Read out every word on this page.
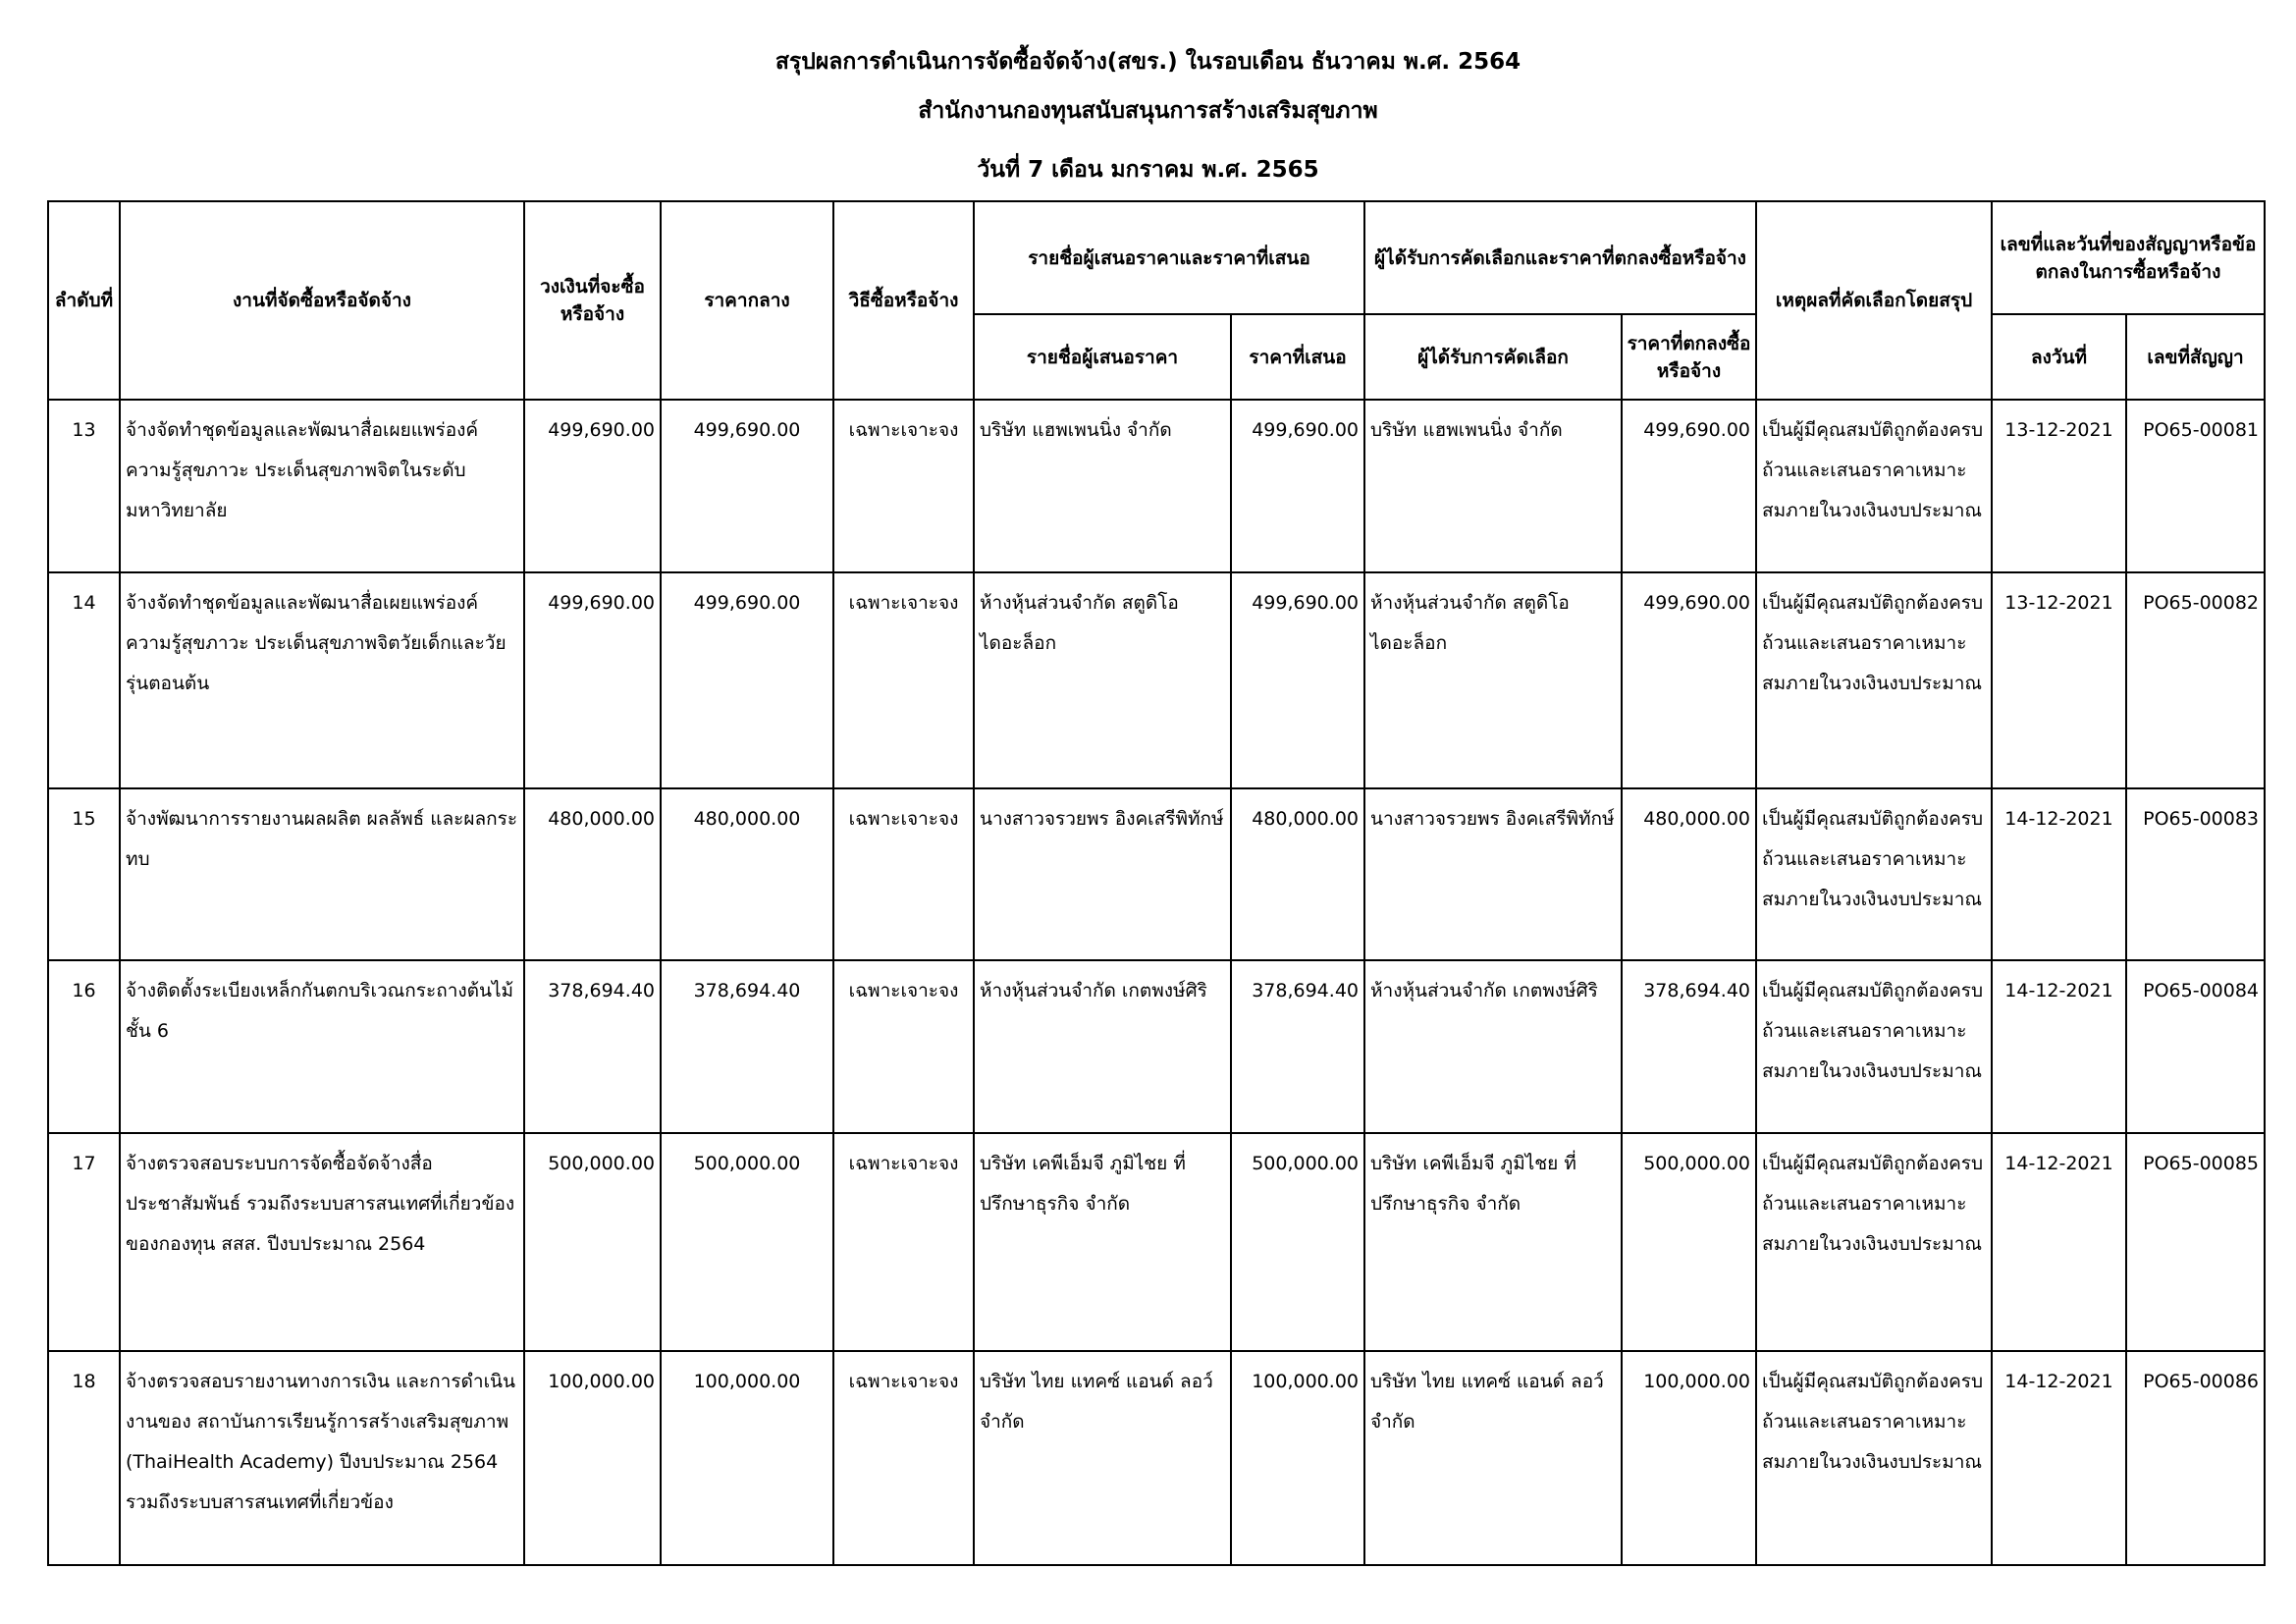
สรุปผลการดำเนินการจัดซื้อจัดจ้าง(สขร.) ในรอบเดือน ธันวาคม พ.ศ. 2564
สำนักงานกองทุนสนับสนุนการสร้างเสริมสุขภาพ
วันที่ 7 เดือน มกราคม พ.ศ. 2565
ลำดับที่	งานที่จัดซื้อหรือจัดจ้าง	วงเงินที่จะซื้อหรือจ้าง	ราคากลาง	วิธีซื้อหรือจ้าง	รายชื่อผู้เสนอราคาและราคาที่เสนอ		ผู้ได้รับการคัดเลือกและราคาที่ตกลงซื้อหรือจ้าง		เหตุผลที่คัดเลือกโดยสรุป	เลขที่และวันที่ของสัญญาหรือข้อตกลงในการซื้อหรือจ้าง	
					รายชื่อผู้เสนอราคา	ราคาที่เสนอ	ผู้ได้รับการคัดเลือก	ราคาที่ตกลงซื้อหรือจ้าง		ลงวันที่	เลขที่สัญญา
13	จ้างจัดทำชุดข้อมูลและพัฒนาสื่อเผยแพร่องค์ความรู้สุขภาวะ ประเด็นสุขภาพจิตในระดับมหาวิทยาลัย	499,690.00	499,690.00	เฉพาะเจาะจง	บริษัท แฮพเพนนิ่ง จำกัด	499,690.00	บริษัท แฮพเพนนิ่ง จำกัด	499,690.00	เป็นผู้มีคุณสมบัติถูกต้องครบถ้วนและเสนอราคาเหมาะสมภายในวงเงินงบประมาณ	13-12-2021	PO65-00081
14	จ้างจัดทำชุดข้อมูลและพัฒนาสื่อเผยแพร่องค์ความรู้สุขภาวะ ประเด็นสุขภาพจิตวัยเด็กและวัยรุ่นตอนต้น	499,690.00	499,690.00	เฉพาะเจาะจง	ห้างหุ้นส่วนจำกัด สตูดิโอ ไดอะล็อก	499,690.00	ห้างหุ้นส่วนจำกัด สตูดิโอ ไดอะล็อก	499,690.00	เป็นผู้มีคุณสมบัติถูกต้องครบถ้วนและเสนอราคาเหมาะสมภายในวงเงินงบประมาณ	13-12-2021	PO65-00082
15	จ้างพัฒนาการรายงานผลผลิต ผลลัพธ์ และผลกระทบ	480,000.00	480,000.00	เฉพาะเจาะจง	นางสาวจรวยพร อิงคเสรีพิทักษ์	480,000.00	นางสาวจรวยพร อิงคเสรีพิทักษ์	480,000.00	เป็นผู้มีคุณสมบัติถูกต้องครบถ้วนและเสนอราคาเหมาะสมภายในวงเงินงบประมาณ	14-12-2021	PO65-00083
16	จ้างติดตั้งระเบียงเหล็กกันตกบริเวณกระถางต้นไม้ชั้น 6	378,694.40	378,694.40	เฉพาะเจาะจง	ห้างหุ้นส่วนจำกัด เกตพงษ์ศิริ	378,694.40	ห้างหุ้นส่วนจำกัด เกตพงษ์ศิริ	378,694.40	เป็นผู้มีคุณสมบัติถูกต้องครบถ้วนและเสนอราคาเหมาะสมภายในวงเงินงบประมาณ	14-12-2021	PO65-00084
17	จ้างตรวจสอบระบบการจัดซื้อจัดจ้างสื่อประชาสัมพันธ์ รวมถึงระบบสารสนเทศที่เกี่ยวข้องของกองทุน สสส. ปีงบประมาณ 2564	500,000.00	500,000.00	เฉพาะเจาะจง	บริษัท เคพีเอ็มจี ภูมิไชย ที่ปรึกษาธุรกิจ จำกัด	500,000.00	บริษัท เคพีเอ็มจี ภูมิไชย ที่ปรึกษาธุรกิจ จำกัด	500,000.00	เป็นผู้มีคุณสมบัติถูกต้องครบถ้วนและเสนอราคาเหมาะสมภายในวงเงินงบประมาณ	14-12-2021	PO65-00085
18	จ้างตรวจสอบรายงานทางการเงิน และการดำเนินงานของ สถาบันการเรียนรู้การสร้างเสริมสุขภาพ (ThaiHealth Academy) ปีงบประมาณ 2564 รวมถึงระบบสารสนเทศที่เกี่ยวข้อง	100,000.00	100,000.00	เฉพาะเจาะจง	บริษัท ไทย แทคซ์ แอนด์ ลอว์ จำกัด	100,000.00	บริษัท ไทย แทคซ์ แอนด์ ลอว์ จำกัด	100,000.00	เป็นผู้มีคุณสมบัติถูกต้องครบถ้วนและเสนอราคาเหมาะสมภายในวงเงินงบประมาณ	14-12-2021	PO65-00086
